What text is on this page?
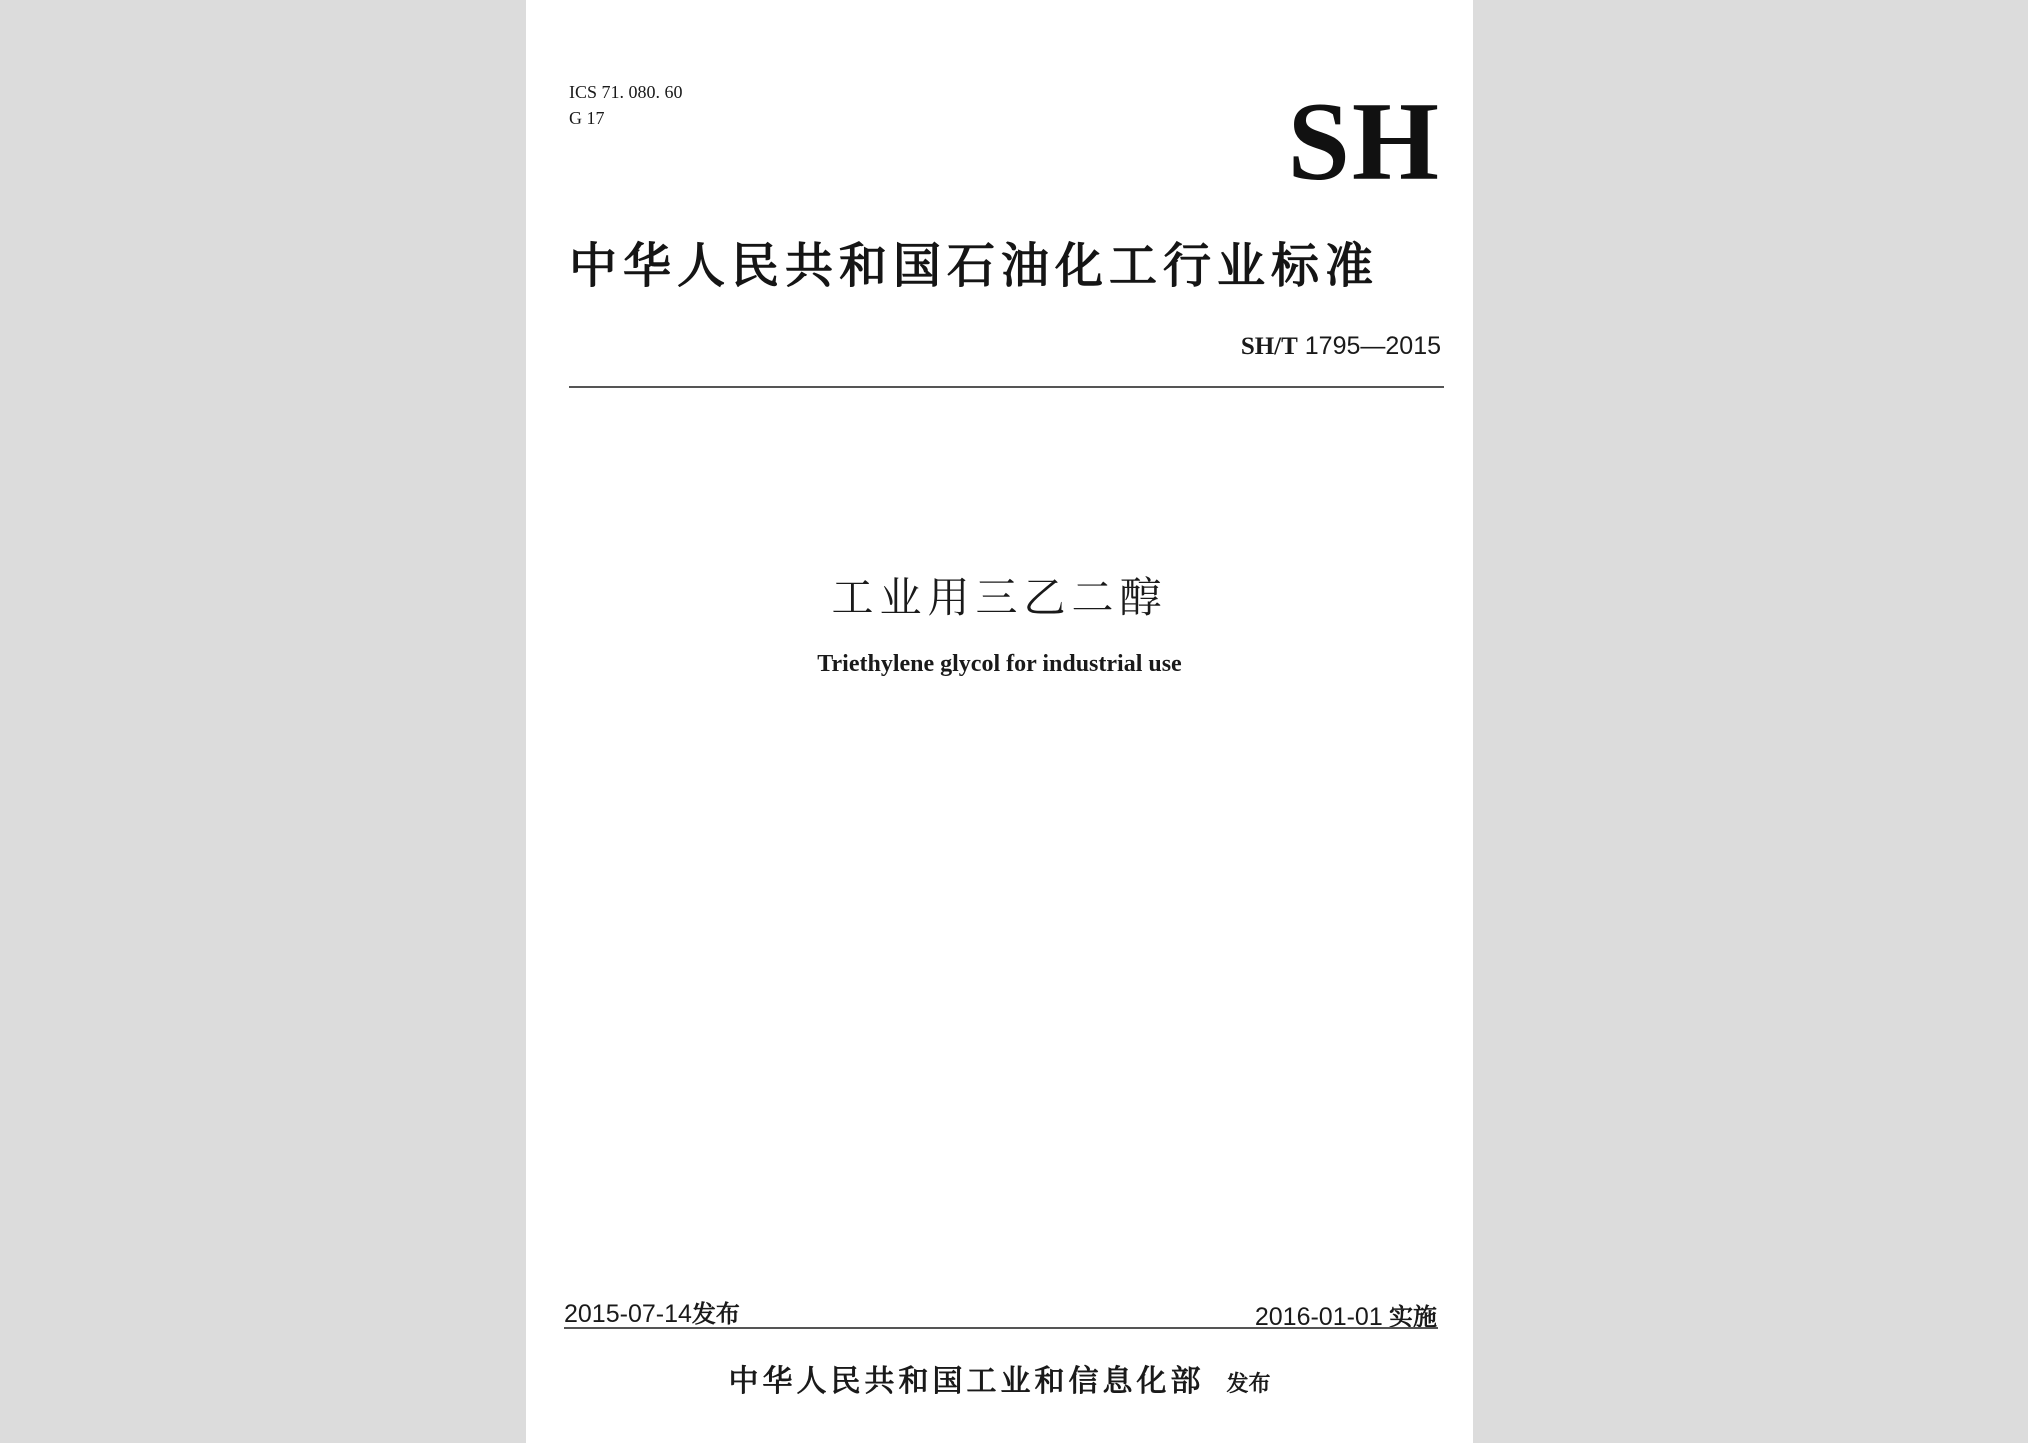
ICS 71. 080. 60
G 17	SH
中华人民共和国石油化工行业标准
SH/T 1795—2015
工业用三乙二醇
Triethylene glycol for industrial use
2015-07-14发布	2016-01-01 实施
中华人民共和国工业和信息化部 发布
